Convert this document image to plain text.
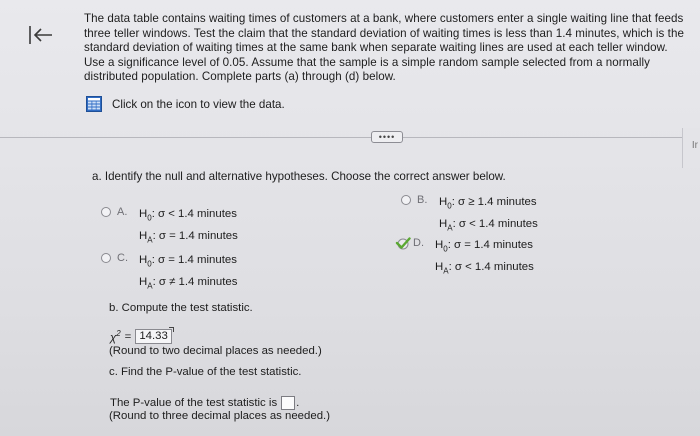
The data table contains waiting times of customers at a bank, where customers enter a single waiting line that feeds three teller windows. Test the claim that the standard deviation of waiting times is less than 1.4 minutes, which is the standard deviation of waiting times at the same bank when separate waiting lines are used at each teller window. Use a significance level of 0.05. Assume that the sample is a simple random sample selected from a normally distributed population. Complete parts (a) through (d) below.
Click on the icon to view the data.
••••
Ir
a. Identify the null and alternative hypotheses. Choose the correct answer below.
A.	$H_0$: σ < 1.4 minutes
$H_A$: σ = 1.4 minutes
C. $H_0$: σ = 1.4 minutes
$H_A$: σ ≠ 1.4 minutes
B.	$H_0$: σ ≥ 1.4 minutes
$H_A$: σ < 1.4 minutes
D. $H_0$: σ = 1.4 minutes
$H_A$: σ < 1.4 minutes
b. Compute the test statistic.
$\chi^2 = 14.33$
(Round to two decimal places as needed.)
c. Find the P-value of the test statistic.
The P-value of the test statistic is .
(Round to three decimal places as needed.)
